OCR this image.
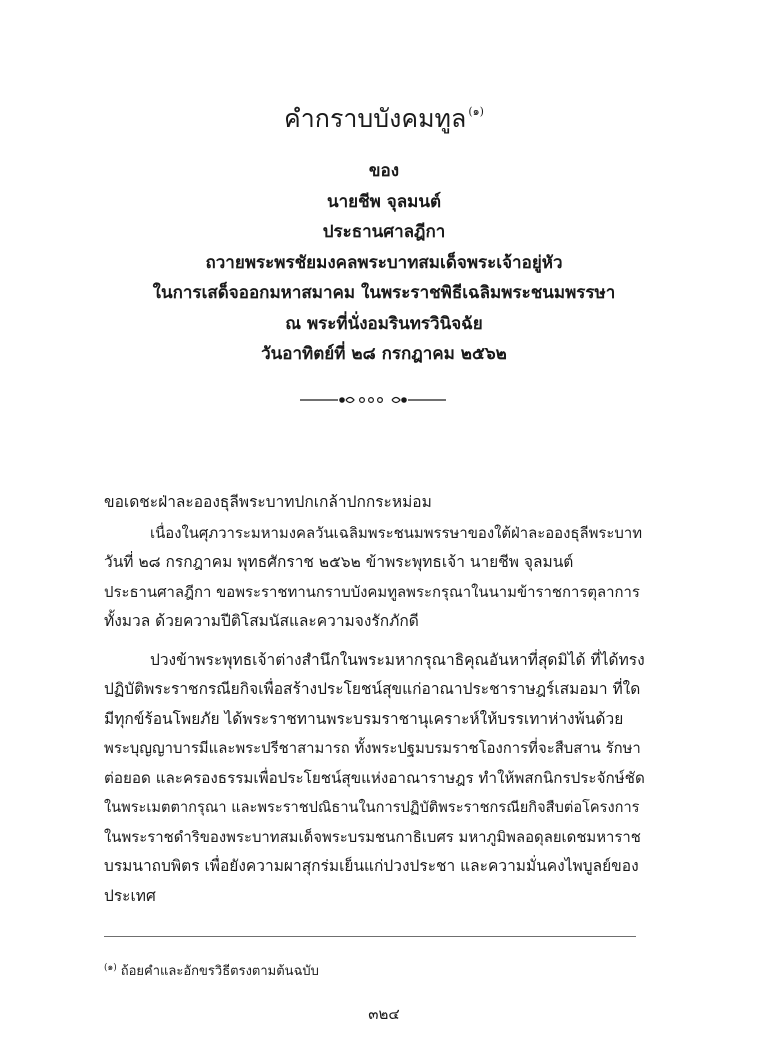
คำกราบบังคมทูล $^{(๑)}$
ของ
นายชีพ จุลมนต์
ประธานศาลฎีกา
ถวายพระพรชัยมงคลพระบาทสมเด็จพระเจ้าอยู่หัว
ในการเสด็จออกมหาสมาคม ในพระราชพิธีเฉลิมพระชนมพรรษา
ณ พระที่นั่งอมรินทรวินิจฉัย
วันอาทิตย์ที่ ๒๘ กรกฎาคม ๒๕๖๒
ขอเดชะฝ่าละอองธุลีพระบาทปกเกล้าปกกระหม่อม
เนื่องในศุภวาระมหามงคลวันเฉลิมพระชนมพรรษาของใต้ฝ่าละอองธุลีพระบาท
วันที่ ๒๘ กรกฎาคม พุทธศักราช ๒๕๖๒ ข้าพระพุทธเจ้า นายชีพ จุลมนต์
ประธานศาลฎีกา ขอพระราชทานกราบบังคมทูลพระกรุณาในนามข้าราชการตุลาการ
ทั้งมวล ด้วยความปีติโสมนัสและความจงรักภักดี
ปวงข้าพระพุทธเจ้าต่างสำนึกในพระมหากรุณาธิคุณอันหาที่สุดมิได้ ที่ได้ทรง
ปฏิบัติพระราชกรณียกิจเพื่อสร้างประโยชน์สุขแก่อาณาประชาราษฎร์เสมอมา ที่ใด
มีทุกข์ร้อนโพยภัย ได้พระราชทานพระบรมราชานุเคราะห์ให้บรรเทาห่างพ้นด้วย
พระบุญญาบารมีและพระปรีชาสามารถ ทั้งพระปฐมบรมราชโองการที่จะสืบสาน รักษา
ต่อยอด และครองธรรมเพื่อประโยชน์สุขแห่งอาณาราษฎร ทำให้พสกนิกรประจักษ์ชัด
ในพระเมตตากรุณา และพระราชปณิธานในการปฏิบัติพระราชกรณียกิจสืบต่อโครงการ
ในพระราชดำริของพระบาทสมเด็จพระบรมชนกาธิเบศร มหาภูมิพลอดุลยเดชมหาราช
บรมนาถบพิตร เพื่อยังความผาสุกร่มเย็นแก่ปวงประชา และความมั่นคงไพบูลย์ของ
ประเทศ
$^{(๑)}$ ถ้อยคำและอักขรวิธีตรงตามต้นฉบับ
๓๒๔
